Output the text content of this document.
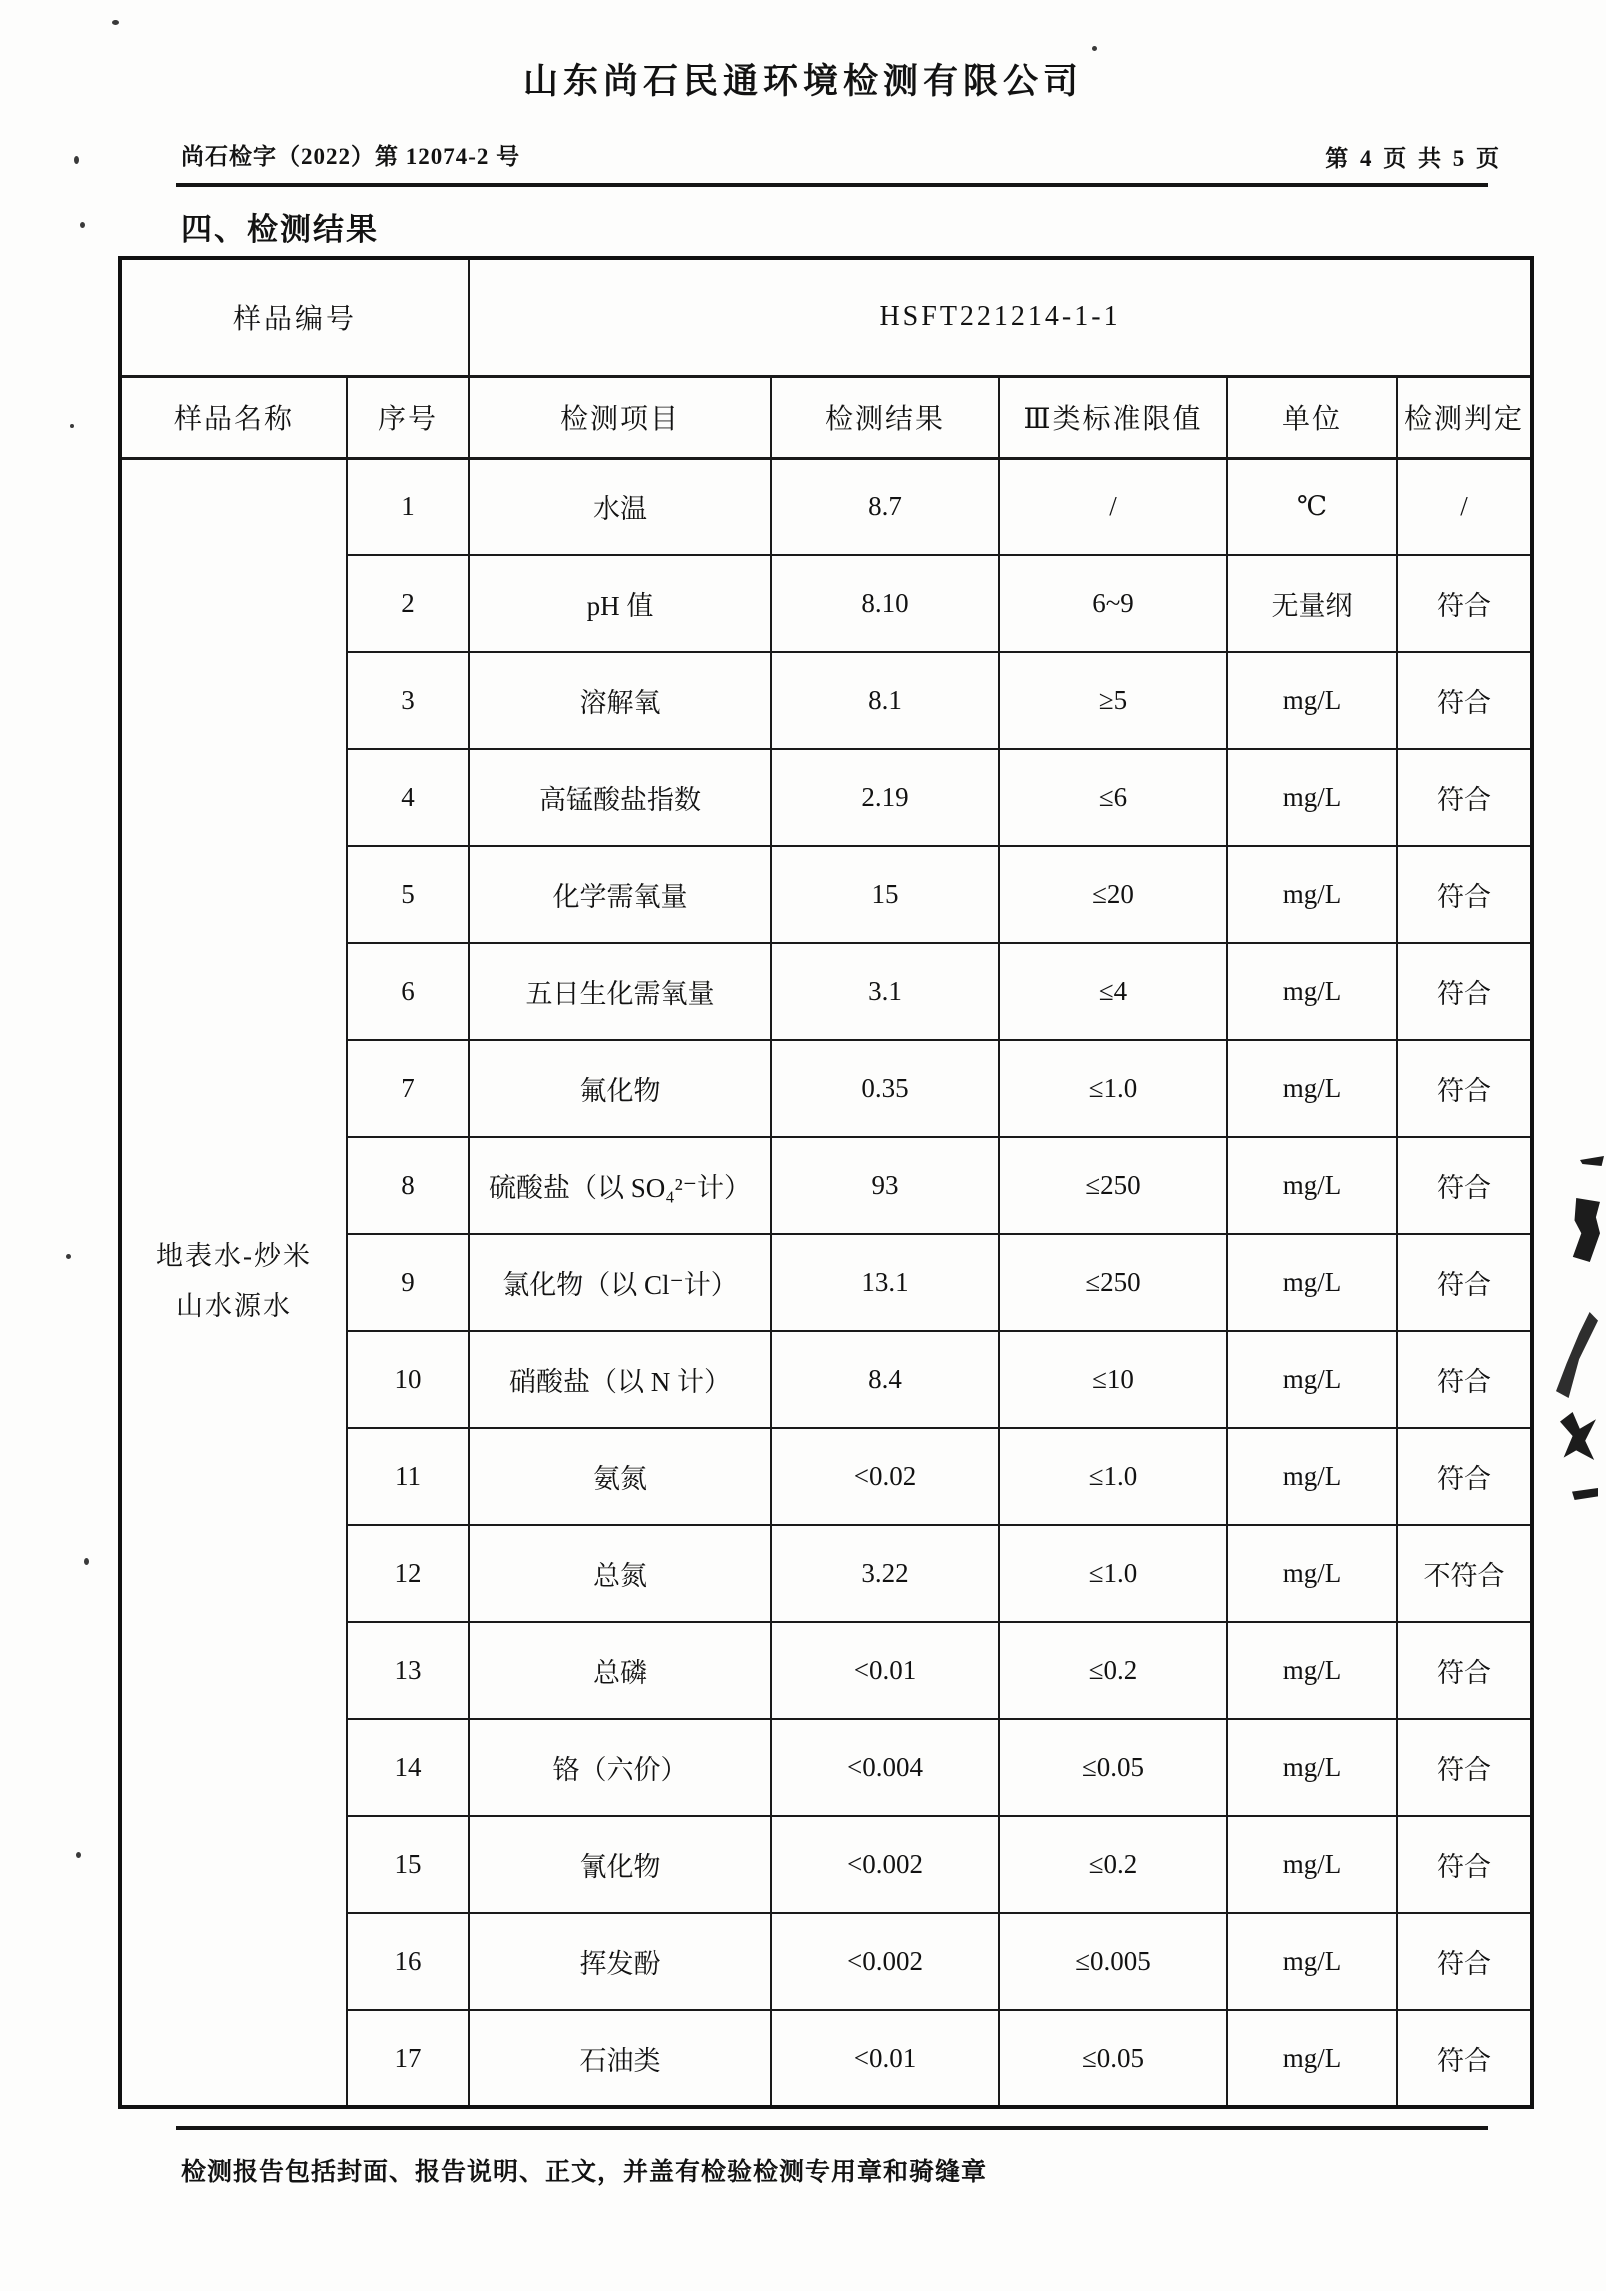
山东尚石民通环境检测有限公司
尚石检字（2022）第 12074-2 号	第 4 页 共 5 页
四、检测结果
样品编号		HSFT221214-1-1				
样品名称	序号	检测项目	检测结果	Ⅲ类标准限值	单位	检测判定

地表水-炒米山水源水	1	水温	8.7	/	℃	/
	2	pH 值	8.10	6~9	无量纲	符合
	3	溶解氧	8.1	≥5	mg/L	符合
	4	高锰酸盐指数	2.19	≤6	mg/L	符合
	5	化学需氧量	15	≤20	mg/L	符合
	6	五日生化需氧量	3.1	≤4	mg/L	符合
	7	氟化物	0.35	≤1.0	mg/L	符合
	8	硫酸盐（以 SO₄²⁻计）	93	≤250	mg/L	符合
	9	氯化物（以 Cl⁻计）	13.1	≤250	mg/L	符合
	10	硝酸盐（以 N 计）	8.4	≤10	mg/L	符合
	11	氨氮	<0.02	≤1.0	mg/L	符合
	12	总氮	3.22	≤1.0	mg/L	不符合
	13	总磷	<0.01	≤0.2	mg/L	符合
	14	铬（六价）	<0.004	≤0.05	mg/L	符合
	15	氰化物	<0.002	≤0.2	mg/L	符合
	16	挥发酚	<0.002	≤0.005	mg/L	符合
	17	石油类	<0.01	≤0.05	mg/L	符合
检测报告包括封面、报告说明、正文，并盖有检验检测专用章和骑缝章
